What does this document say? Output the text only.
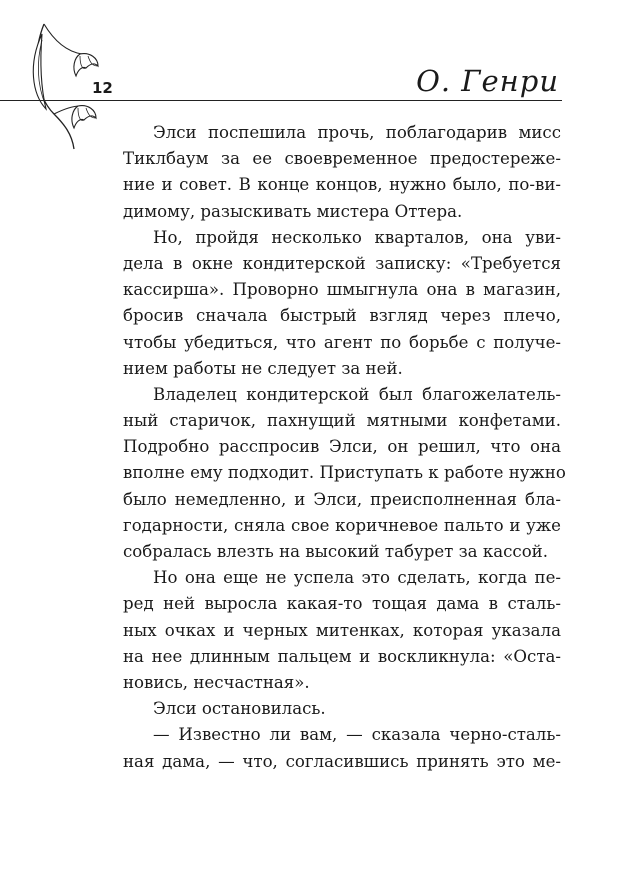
12	О. Генри
Элси поспешила прочь, поблагодарив мисс
Тиклбаум за ее своевременное предостереже-
ние и совет. В конце концов, нужно было, по-ви-
димому, разыскивать мистера Оттера.
Но, пройдя несколько кварталов, она уви-
дела в окне кондитерской записку: «Требуется
кассирша». Проворно шмыгнула она в магазин,
бросив сначала быстрый взгляд через плечо,
чтобы убедиться, что агент по борьбе с получе-
нием работы не следует за ней.
Владелец кондитерской был благожелатель-
ный старичок, пахнущий мятными конфетами.
Подробно расспросив Элси, он решил, что она
вполне ему подходит. Приступать к работе нужно
было немедленно, и Элси, преисполненная бла-
годарности, сняла свое коричневое пальто и уже
собралась влезть на высокий табурет за кассой.
Но она еще не успела это сделать, когда пе-
ред ней выросла какая-то тощая дама в сталь-
ных очках и черных митенках, которая указала
на нее длинным пальцем и воскликнула: «Оста-
новись, несчастная».
Элси остановилась.
— Известно ли вам, — сказала черно-сталь-
ная дама, — что, согласившись принять это ме-
